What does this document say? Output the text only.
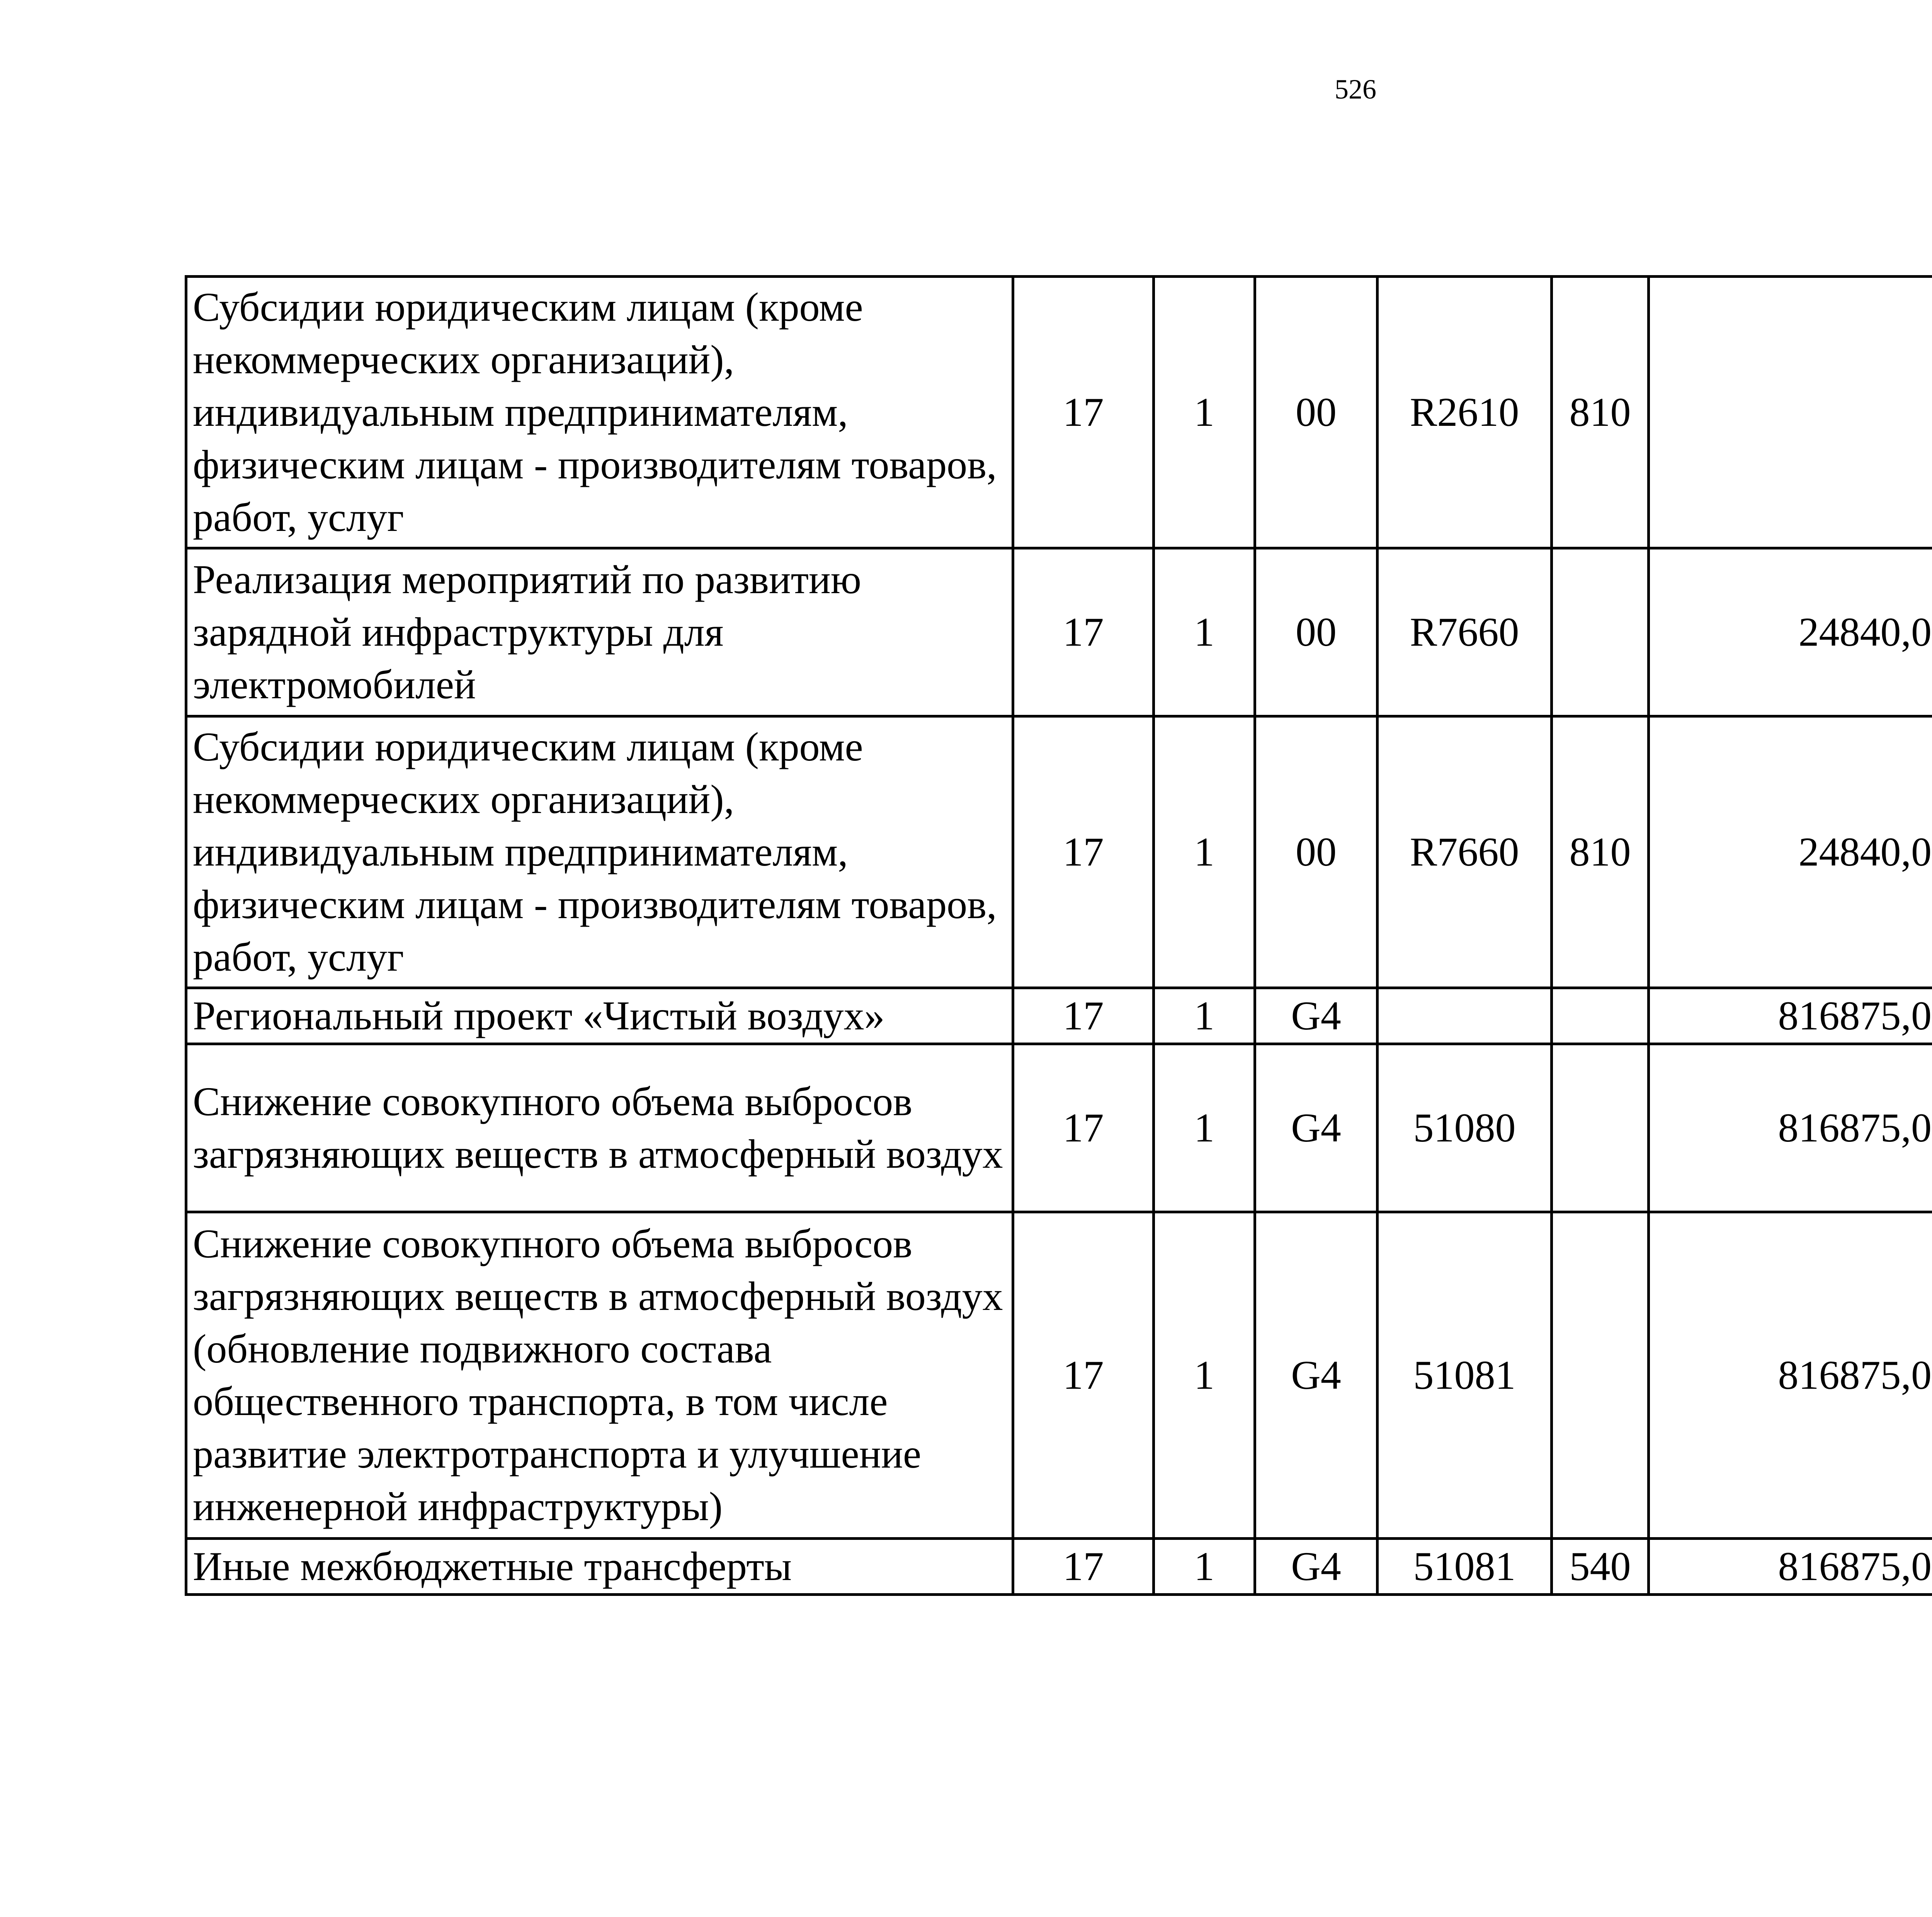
526
Субсидии юридическим лицам (кроме некоммерческих организаций), индивидуальным предпринимателям, физическим лицам - производителям товаров, работ, услуг	17	1	00	R2610	810			
Реализация мероприятий по развитию зарядной инфраструктуры для электромобилей	17	1	00	R7660		24840,0		
Субсидии юридическим лицам (кроме некоммерческих организаций), индивидуальным предпринимателям, физическим лицам - производителям товаров, работ, услуг	17	1	00	R7660	810	24840,0		
Региональный проект «Чистый воздух»	17	1	G4			816875,0		
Снижение совокупного объема выбросов загрязняющих веществ в атмосферный воздух	17	1	G4	51080		816875,0		
Снижение совокупного объема выбросов загрязняющих веществ в атмосферный воздух (обновление подвижного состава общественного транспорта, в том числе развитие электротранспорта и улучшение инженерной инфраструктуры)	17	1	G4	51081		816875,0		
Иные межбюджетные трансферты	17	1	G4	51081	540	816875,0		
